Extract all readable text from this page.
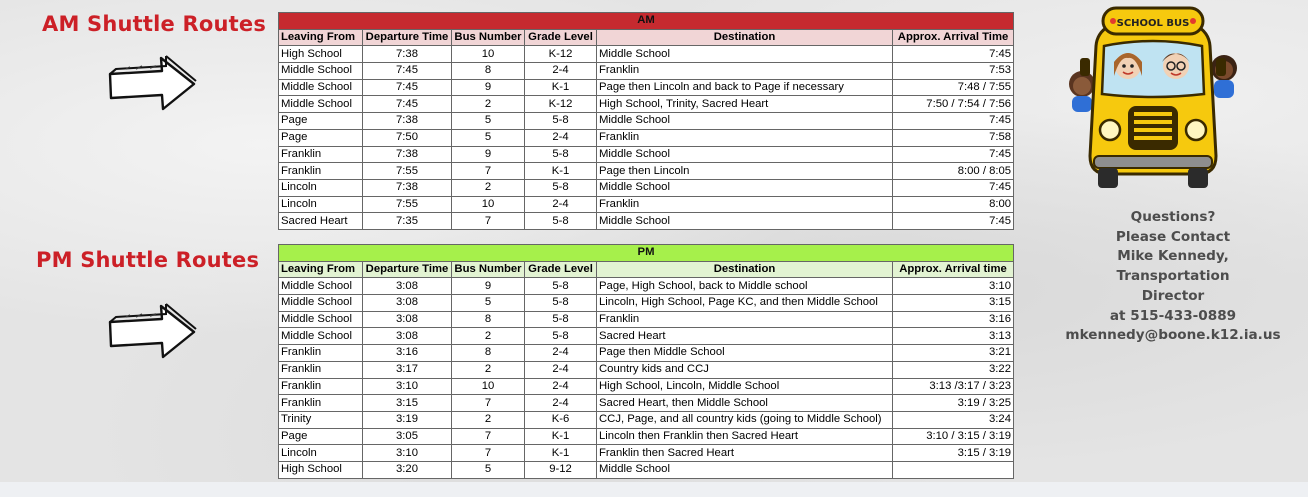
AM Shuttle Routes
PM Shuttle Routes
AM					
Leaving From	Departure Time	Bus Number	Grade Level	Destination	Approx. Arrival Time
High School	7:38	10	K-12	Middle School	7:45
Middle School	7:45	8	2-4	Franklin	7:53
Middle School	7:45	9	K-1	Page then Lincoln and back to Page if necessary	7:48 / 7:55
Middle School	7:45	2	K-12	High School, Trinity, Sacred Heart	7:50 / 7:54 / 7:56
Page	7:38	5	5-8	Middle School	7:45
Page	7:50	5	2-4	Franklin	7:58
Franklin	7:38	9	5-8	Middle School	7:45
Franklin	7:55	7	K-1	Page then Lincoln	8:00 / 8:05
Lincoln	7:38	2	5-8	Middle School	7:45
Lincoln	7:55	10	2-4	Franklin	8:00
Sacred Heart	7:35	7	5-8	Middle School	7:45
PM					
Leaving From	Departure Time	Bus Number	Grade Level	Destination	Approx. Arrival time
Middle School	3:08	9	5-8	Page, High School, back to Middle school	3:10
Middle School	3:08	5	5-8	Lincoln, High School, Page KC, and then Middle School	3:15
Middle School	3:08	8	5-8	Franklin	3:16
Middle School	3:08	2	5-8	Sacred Heart	3:13
Franklin	3:16	8	2-4	Page then Middle School	3:21
Franklin	3:17	2	2-4	Country kids and CCJ	3:22
Franklin	3:10	10	2-4	High School, Lincoln, Middle School	3:13 /3:17 / 3:23
Franklin	3:15	7	2-4	Sacred Heart, then Middle School	3:19 / 3:25
Trinity	3:19	2	K-6	CCJ, Page, and all country kids (going to Middle School)	3:24
Page	3:05	7	K-1	Lincoln then Franklin then Sacred Heart	3:10 / 3:15 / 3:19
Lincoln	3:10	7	K-1	Franklin then Sacred Heart	3:15 / 3:19
High School	3:20	5	9-12	Middle School	
SCHOOL BUS
Questions?
Please Contact
Mike Kennedy, Transportation
Director
at 515-433-0889
mkennedy@boone.k12.ia.us
